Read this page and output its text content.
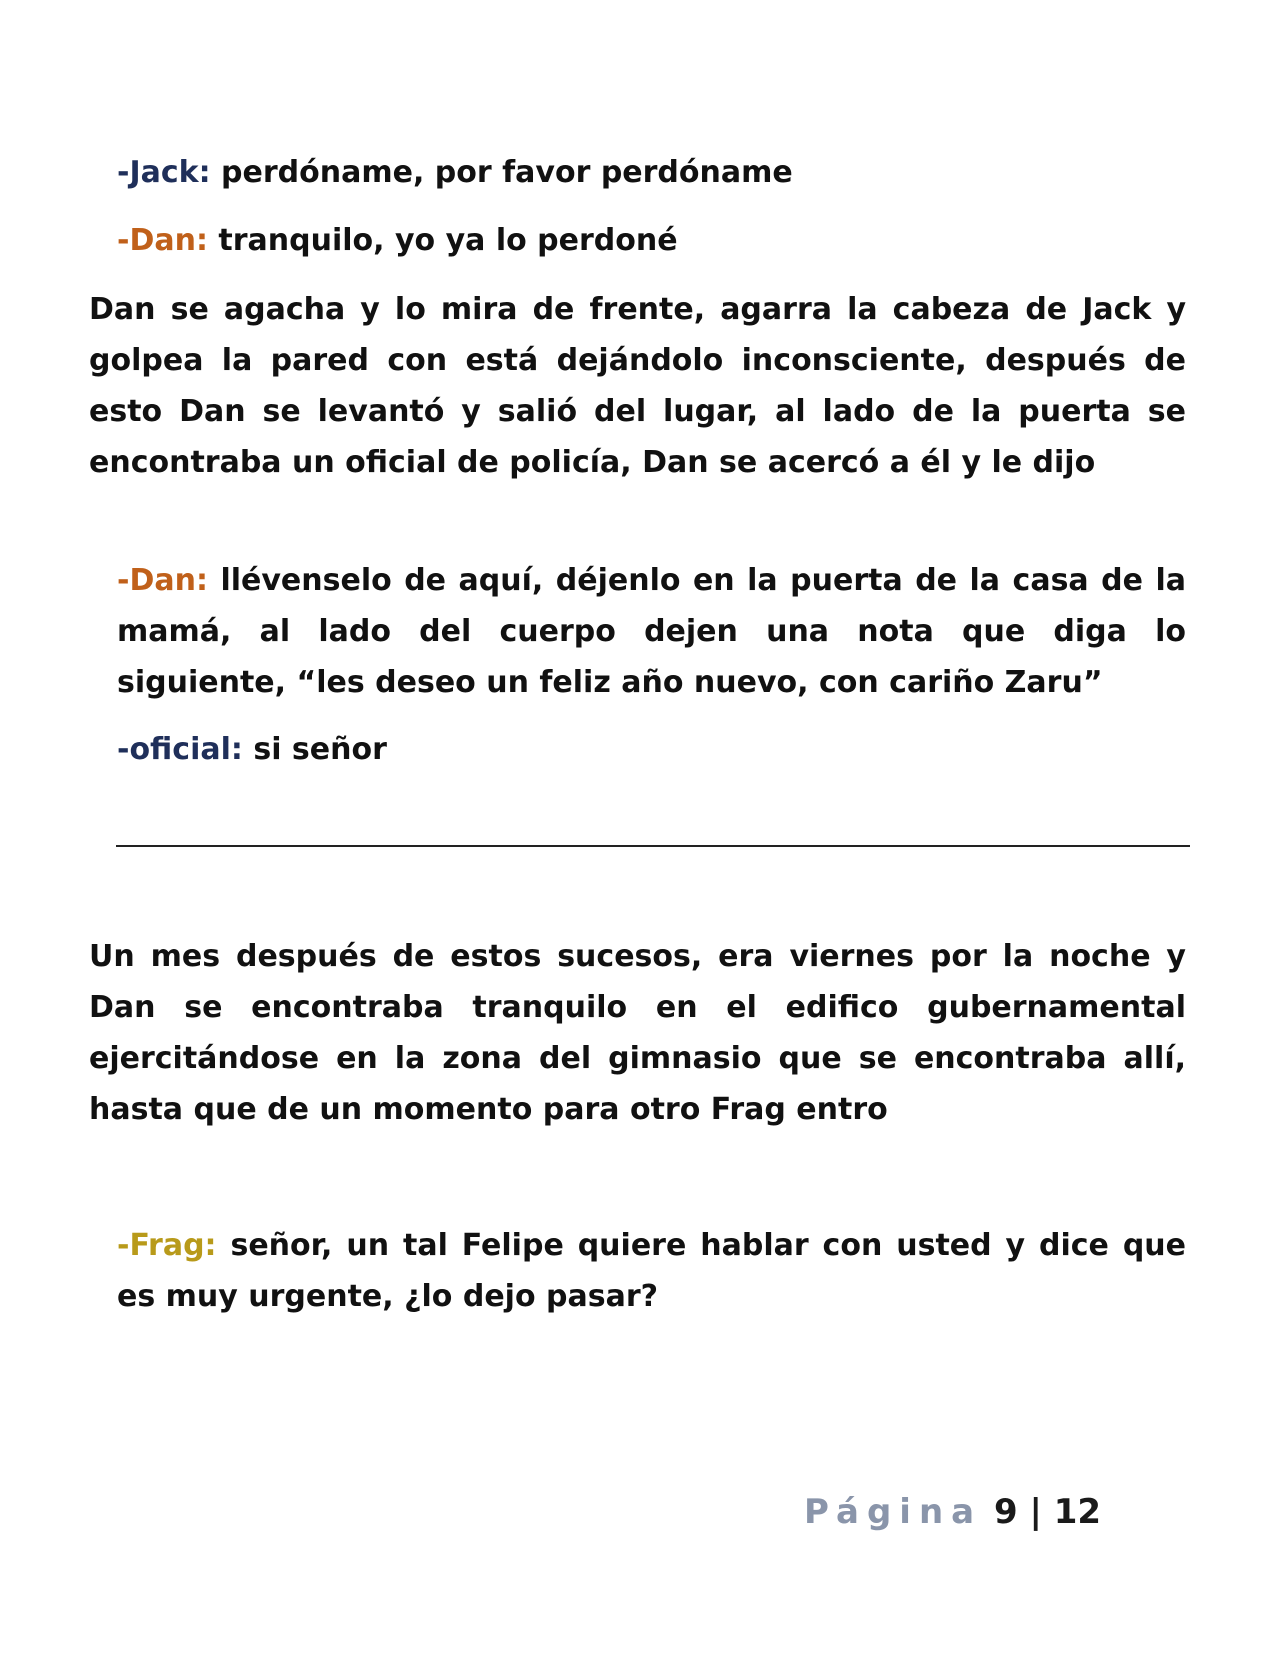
-Jack: perdóname, por favor perdóname
-Dan: tranquilo, yo ya lo perdoné
Dan se agacha y lo mira de frente, agarra la cabeza de Jack y golpea la pared con está dejándolo inconsciente, después de esto Dan se levantó y salió del lugar, al lado de la puerta se encontraba un oficial de policía, Dan se acercó a él y le dijo
-Dan: llévenselo de aquí, déjenlo en la puerta de la casa de la mamá, al lado del cuerpo dejen una nota que diga lo siguiente, “les deseo un feliz año nuevo, con cariño Zaru”
-oficial: si señor
Un mes después de estos sucesos, era viernes por la noche y Dan se encontraba tranquilo en el edifico gubernamental ejercitándose en la zona del gimnasio que se encontraba allí, hasta que de un momento para otro Frag entro
-Frag: señor, un tal Felipe quiere hablar con usted y dice que es muy urgente, ¿lo dejo pasar?
Página 9 | 12
